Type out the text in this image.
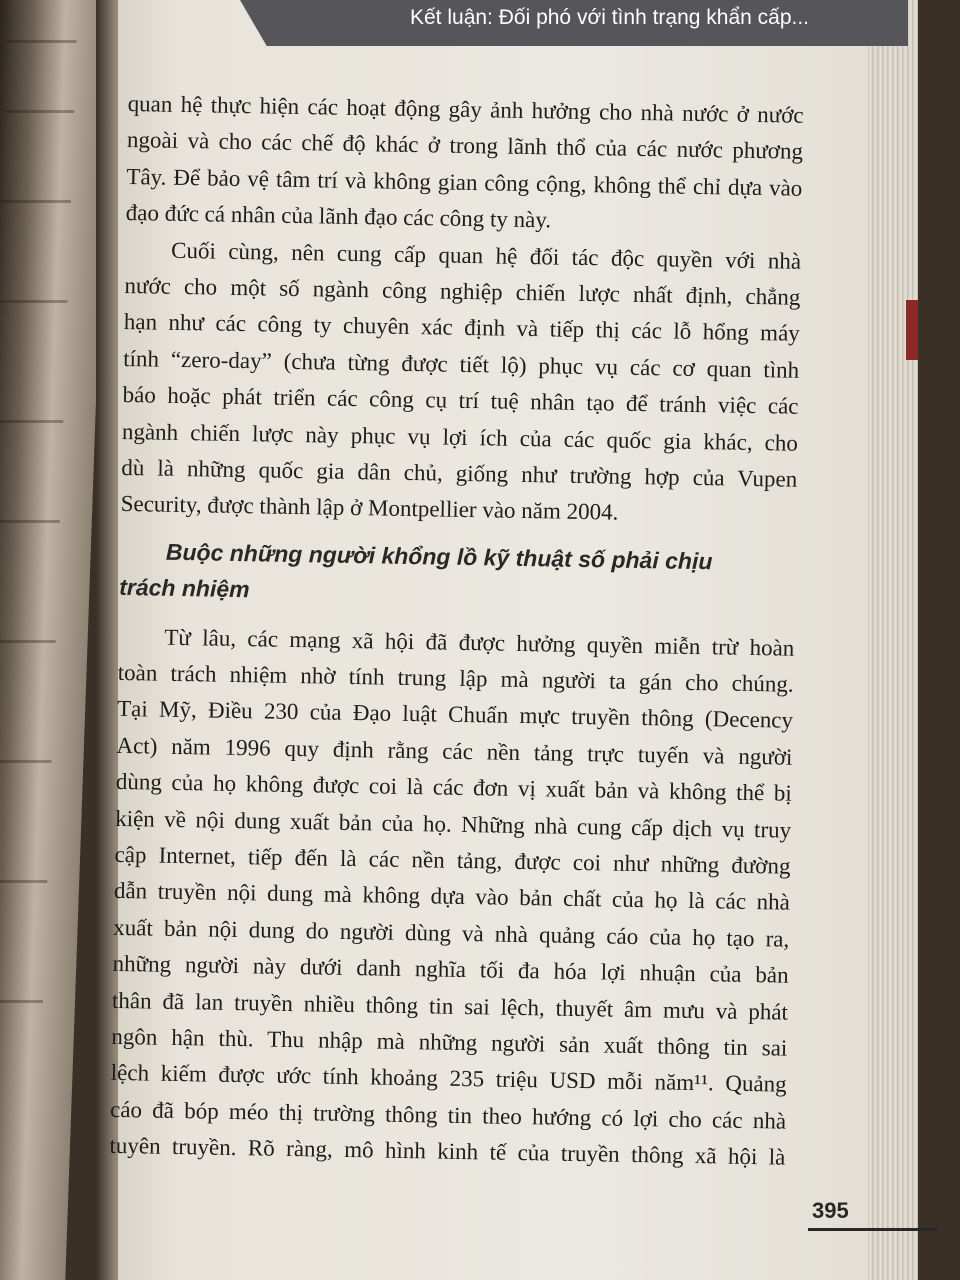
Kết luận: Đối phó với tình trạng khẩn cấp...
quan hệ thực hiện các hoạt động gây ảnh hưởng cho nhà nước ở nước
ngoài và cho các chế độ khác ở trong lãnh thổ của các nước phương
Tây. Để bảo vệ tâm trí và không gian công cộng, không thể chỉ dựa vào
đạo đức cá nhân của lãnh đạo các công ty này.
Cuối cùng, nên cung cấp quan hệ đối tác độc quyền với nhà
nước cho một số ngành công nghiệp chiến lược nhất định, chẳng
hạn như các công ty chuyên xác định và tiếp thị các lỗ hổng máy
tính “zero-day” (chưa từng được tiết lộ) phục vụ các cơ quan tình
báo hoặc phát triển các công cụ trí tuệ nhân tạo để tránh việc các
ngành chiến lược này phục vụ lợi ích của các quốc gia khác, cho
dù là những quốc gia dân chủ, giống như trường hợp của Vupen
Security, được thành lập ở Montpellier vào năm 2004.
Buộc những người khổng lồ kỹ thuật số phải chịu
trách nhiệm
Từ lâu, các mạng xã hội đã được hưởng quyền miễn trừ hoàn
toàn trách nhiệm nhờ tính trung lập mà người ta gán cho chúng.
Tại Mỹ, Điều 230 của Đạo luật Chuẩn mực truyền thông (Decency
Act) năm 1996 quy định rằng các nền tảng trực tuyến và người
dùng của họ không được coi là các đơn vị xuất bản và không thể bị
kiện về nội dung xuất bản của họ. Những nhà cung cấp dịch vụ truy
cập Internet, tiếp đến là các nền tảng, được coi như những đường
dẫn truyền nội dung mà không dựa vào bản chất của họ là các nhà
xuất bản nội dung do người dùng và nhà quảng cáo của họ tạo ra,
những người này dưới danh nghĩa tối đa hóa lợi nhuận của bản
thân đã lan truyền nhiều thông tin sai lệch, thuyết âm mưu và phát
ngôn hận thù. Thu nhập mà những người sản xuất thông tin sai
lệch kiếm được ước tính khoảng 235 triệu USD mỗi năm¹¹. Quảng
cáo đã bóp méo thị trường thông tin theo hướng có lợi cho các nhà
tuyên truyền. Rõ ràng, mô hình kinh tế của truyền thông xã hội là
395
